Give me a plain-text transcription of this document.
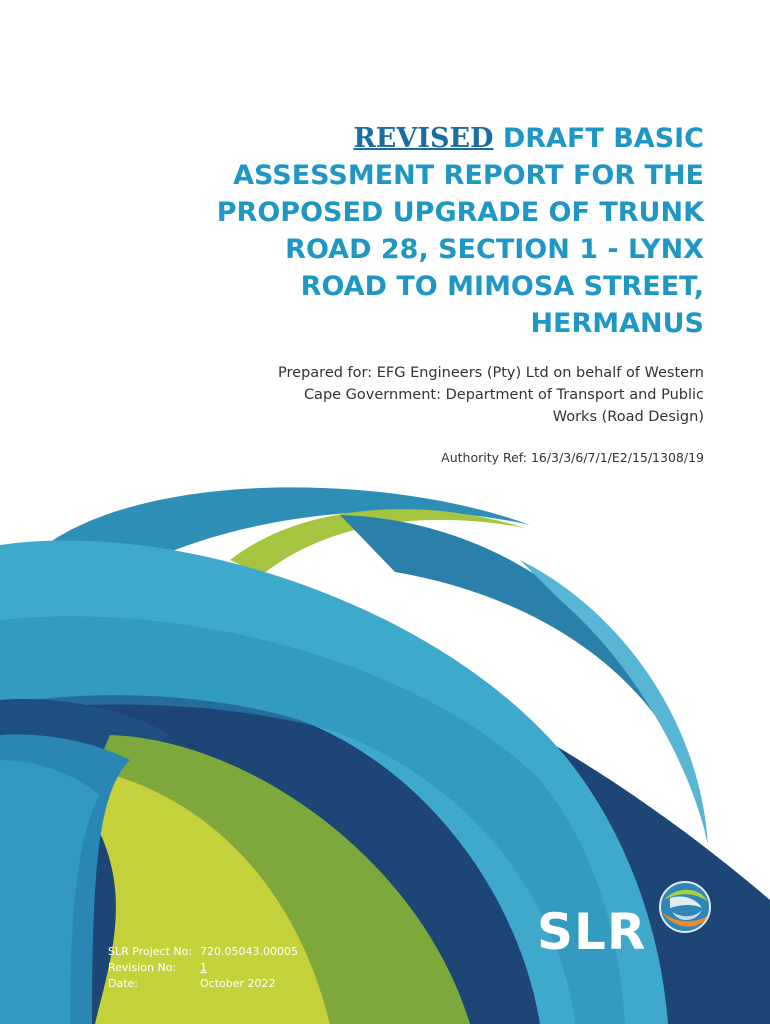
REVISED DRAFT BASIC
ASSESSMENT REPORT FOR THE
PROPOSED UPGRADE OF TRUNK
ROAD 28, SECTION 1 - LYNX
ROAD TO MIMOSA STREET,
HERMANUS
Prepared for: EFG Engineers (Pty) Ltd on behalf of Western
Cape Government: Department of Transport and Public
Works (Road Design)
Authority Ref: 16/3/3/6/7/1/E2/15/1308/19
SLR Project No: 720.05043.00005
Revision No:	1
Date:	October 2022
SLR
